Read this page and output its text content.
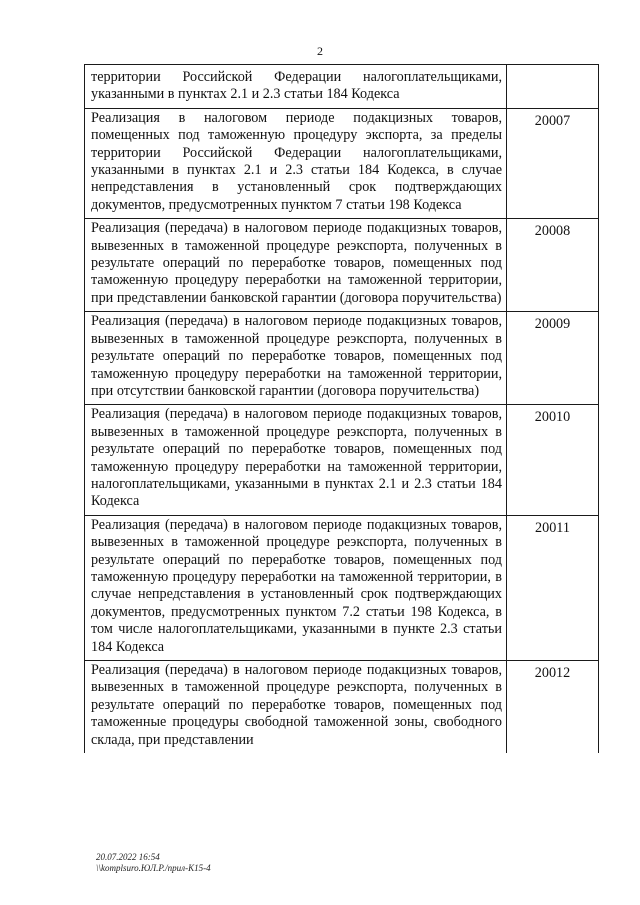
2
территории Российской Федерации налогоплательщиками, указанными в пунктах 2.1 и 2.3 статьи 184 Кодекса	

Реализация в налоговом периоде подакцизных товаров, помещенных под таможенную процедуру экспорта, за пределы территории Российской Федерации налогоплательщиками, указанными в пунктах 2.1 и 2.3 статьи 184 Кодекса, в случае непредставления в установленный срок подтверждающих документов, предусмотренных пунктом 7 статьи 198 Кодекса	20007

Реализация (передача) в налоговом периоде подакцизных товаров, вывезенных в таможенной процедуре реэкспорта, полученных в результате операций по переработке товаров, помещенных под таможенную процедуру переработки на таможенной территории, при представлении банковской гарантии (договора поручительства)	20008

Реализация (передача) в налоговом периоде подакцизных товаров, вывезенных в таможенной процедуре реэкспорта, полученных в результате операций по переработке товаров, помещенных под таможенную процедуру переработки на таможенной территории, при отсутствии банковской гарантии (договора поручительства)	20009

Реализация (передача) в налоговом периоде подакцизных товаров, вывезенных в таможенной процедуре реэкспорта, полученных в результате операций по переработке товаров, помещенных под таможенную процедуру переработки на таможенной территории, налогоплательщиками, указанными в пунктах 2.1 и 2.3 статьи 184 Кодекса	20010

Реализация (передача) в налоговом периоде подакцизных товаров, вывезенных в таможенной процедуре реэкспорта, полученных в результате операций по переработке товаров, помещенных под таможенную процедуру переработки на таможенной территории, в случае непредставления в установленный срок подтверждающих документов, предусмотренных пунктом 7.2 статьи 198 Кодекса, в том числе налогоплательщиками, указанными в пункте 2.3 статьи 184 Кодекса	20011

Реализация (передача) в налоговом периоде подакцизных товаров, вывезенных в таможенной процедуре реэкспорта, полученных в результате операций по переработке товаров, помещенных под таможенные процедуры свободной таможенной зоны, свободного склада, при представлении	20012
20.07.2022 16:54
\\komplsuro.ЮЛ.Р./прил-К15-4
